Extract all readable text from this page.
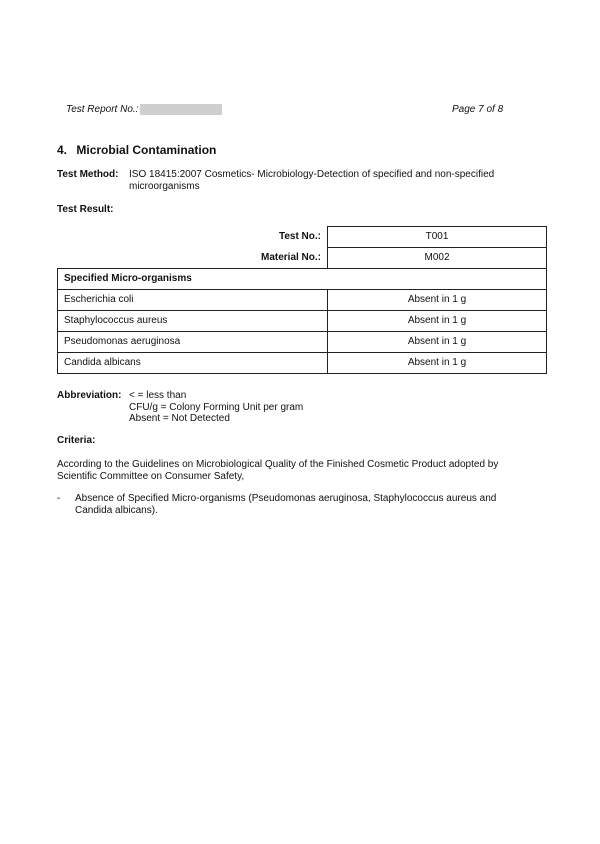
Test Report No.:	Page 7 of 8
4. Microbial Contamination
Test Method: ISO 18415:2007 Cosmetics- Microbiology-Detection of specified and non-specified
microorganisms
Test Result:
Test No.:	T001
Material No.:	M002
Specified Micro-organisms	
Escherichia coli	Absent in 1 g
Staphylococcus aureus	Absent in 1 g
Pseudomonas aeruginosa	Absent in 1 g
Candida albicans	Absent in 1 g
Abbreviation: < = less than
CFU/g = Colony Forming Unit per gram
Absent = Not Detected
Criteria:
According to the Guidelines on Microbiological Quality of the Finished Cosmetic Product adopted by
Scientific Committee on Consumer Safety,
- Absence of Specified Micro-organisms (Pseudomonas aeruginosa, Staphylococcus aureus and
Candida albicans).
